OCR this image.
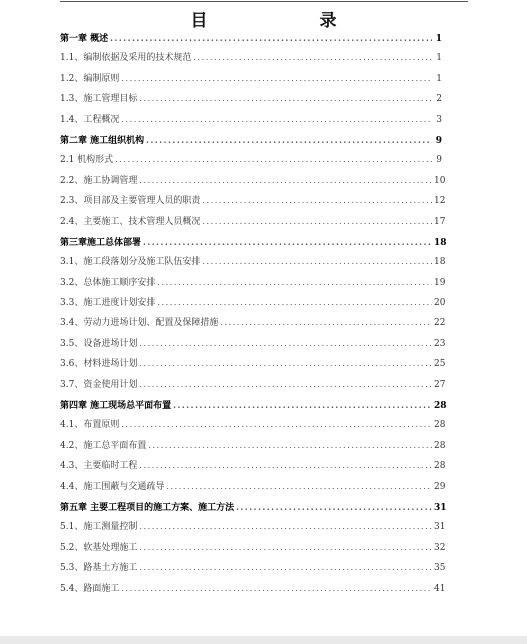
目　　录
第一章 概述 .....	1
1.1、编制依据及采用的技术规范 .....	1
1.2、编制原则 .....	1
1.3、施工管理目标 .....	2
1.4、工程概况 .....	3
第二章 施工组织机构 .....	9
2.1 机构形式 .....	9
2.2、施工协调管理 .....	10
2.3、项目部及主要管理人员的职责 .....	12
2.4、主要施工、技术管理人员概况 .....	17
第三章施工总体部署 .....	18
3.1、施工段落划分及施工队伍安排 .....	18
3.2、总体施工顺序安排 .....	19
3.3、施工进度计划安排 .....	20
3.4、劳动力进场计划、配置及保障措施 .....	22
3.5、设备进场计划 .....	23
3.6、材料进场计划 .....	25
3.7、资金使用计划 .....	27
第四章 施工现场总平面布置 .....	28
4.1、布置原则 .....	28
4.2、施工总平面布置 .....	28
4.3、主要临时工程 .....	28
4.4、施工围蔽与交通疏导 .....	29
第五章 主要工程项目的施工方案、施工方法 .....	31
5.1、施工测量控制 .....	31
5.2、软基处理施工 .....	32
5.3、路基土方施工 .....	35
5.4、路面施工 .....	41
